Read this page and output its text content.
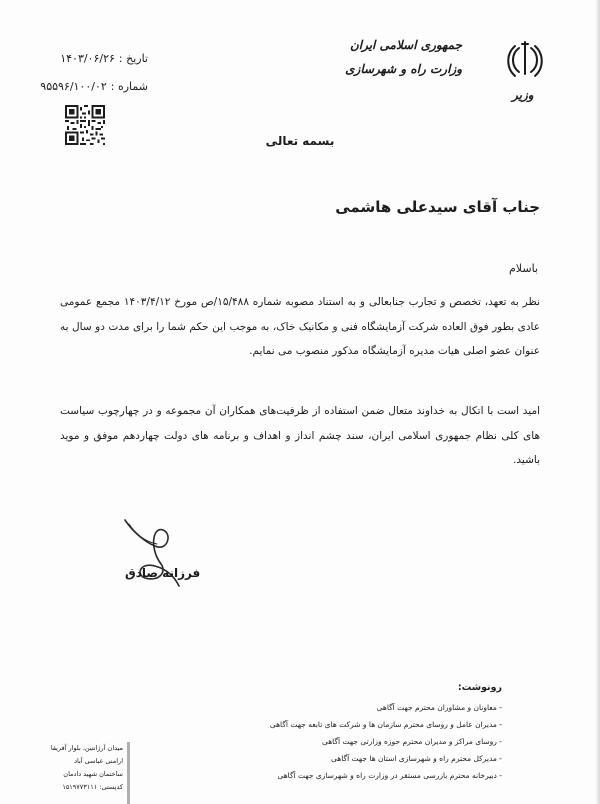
جمهوری اسلامی ایران
وزارت راه و شهرسازی
وزیر
تاریخ :۱۴۰۳/۰۶/۲۶
شماره :۹۵۵۹۶/۱۰۰/۰۲
بسمه تعالی
جناب آقای سیدعلی هاشمی
باسلام
نظر به تعهد، تخصص و تجارب جنابعالی و به استناد مصوبه شماره ۱۵/۴۸۸/ص مورخ ۱۴۰۳/۴/۱۲ مجمع عمومی عادی بطور فوق العاده شرکت آزمایشگاه فنی و مکانیک خاک، به موجب این حکم شما را برای مدت دو سال به عنوان عضو اصلی هیات مدیره آزمایشگاه مذکور منصوب می نمایم.
امید است با اتکال به خداوند متعال ضمن استفاده از ظرفیت‌های همکاران آن مجموعه و در چهارچوب سیاست های کلی نظام جمهوری اسلامی ایران، سند چشم انداز و اهداف و برنامه های دولت چهاردهم موفق و موید باشید.
فرزانه صادق
رونوشت:
- معاونان و مشاوران محترم جهت آگاهی
- مدیران عامل و روسای محترم سازمان ها و شرکت های تابعه جهت آگاهی
- روسای مراکز و مدیران محترم حوزه وزارتی جهت آگاهی
- مدیرکل محترم راه و شهرسازی استان ها جهت آگاهی
- دبیرخانه محترم بازرسی مستقر در وزارت راه و شهرسازی جهت آگاهی
میدان آرژانتین، بلوار آفریقا
ارامنی عباسی آباد
ساختمان شهید دادمان
کدپستی: ۱۵۱۹۷۷۳۱۱۱
